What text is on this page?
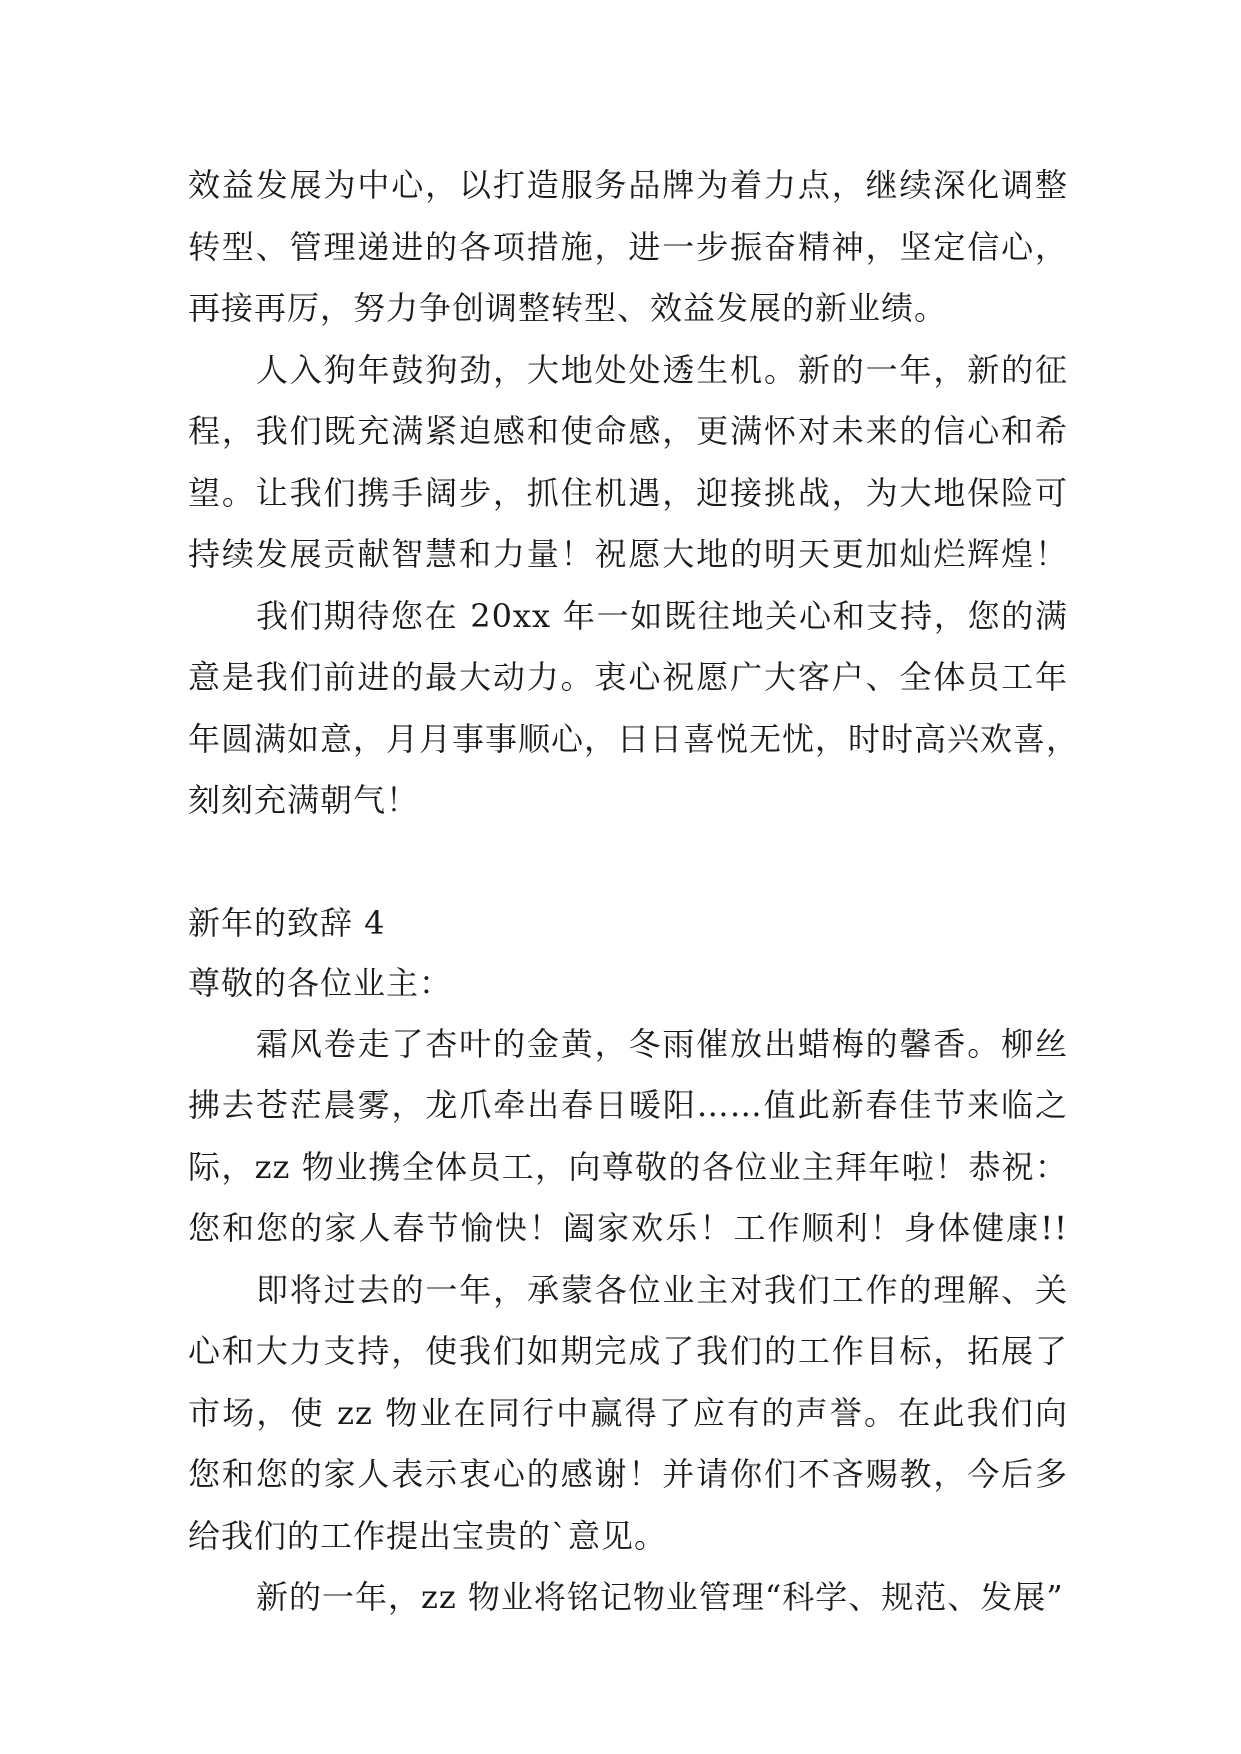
效益发展为中心，以打造服务品牌为着力点，继续深化调整
转型、管理递进的各项措施，进一步振奋精神，坚定信心，
再接再厉，努力争创调整转型、效益发展的新业绩。
人入狗年鼓狗劲，大地处处透生机。新的一年，新的征
程，我们既充满紧迫感和使命感，更满怀对未来的信心和希
望。让我们携手阔步，抓住机遇，迎接挑战，为大地保险可
持续发展贡献智慧和力量！祝愿大地的明天更加灿烂辉煌！
我们期待您在 20xx 年一如既往地关心和支持，您的满
意是我们前进的最大动力。衷心祝愿广大客户、全体员工年
年圆满如意，月月事事顺心，日日喜悦无忧，时时高兴欢喜，
刻刻充满朝气！
新年的致辞 4
尊敬的各位业主：
霜风卷走了杏叶的金黄，冬雨催放出蜡梅的馨香。柳丝
拂去苍茫晨雾，龙爪牵出春日暖阳……值此新春佳节来临之
际，zz 物业携全体员工，向尊敬的各位业主拜年啦！恭祝：
您和您的家人春节愉快！阖家欢乐！工作顺利！身体健康!!
即将过去的一年，承蒙各位业主对我们工作的理解、关
心和大力支持，使我们如期完成了我们的工作目标，拓展了
市场，使 zz 物业在同行中赢得了应有的声誉。在此我们向
您和您的家人表示衷心的感谢！并请你们不吝赐教，今后多
给我们的工作提出宝贵的`意见。
新的一年，zz 物业将铭记物业管理“科学、规范、发展”
